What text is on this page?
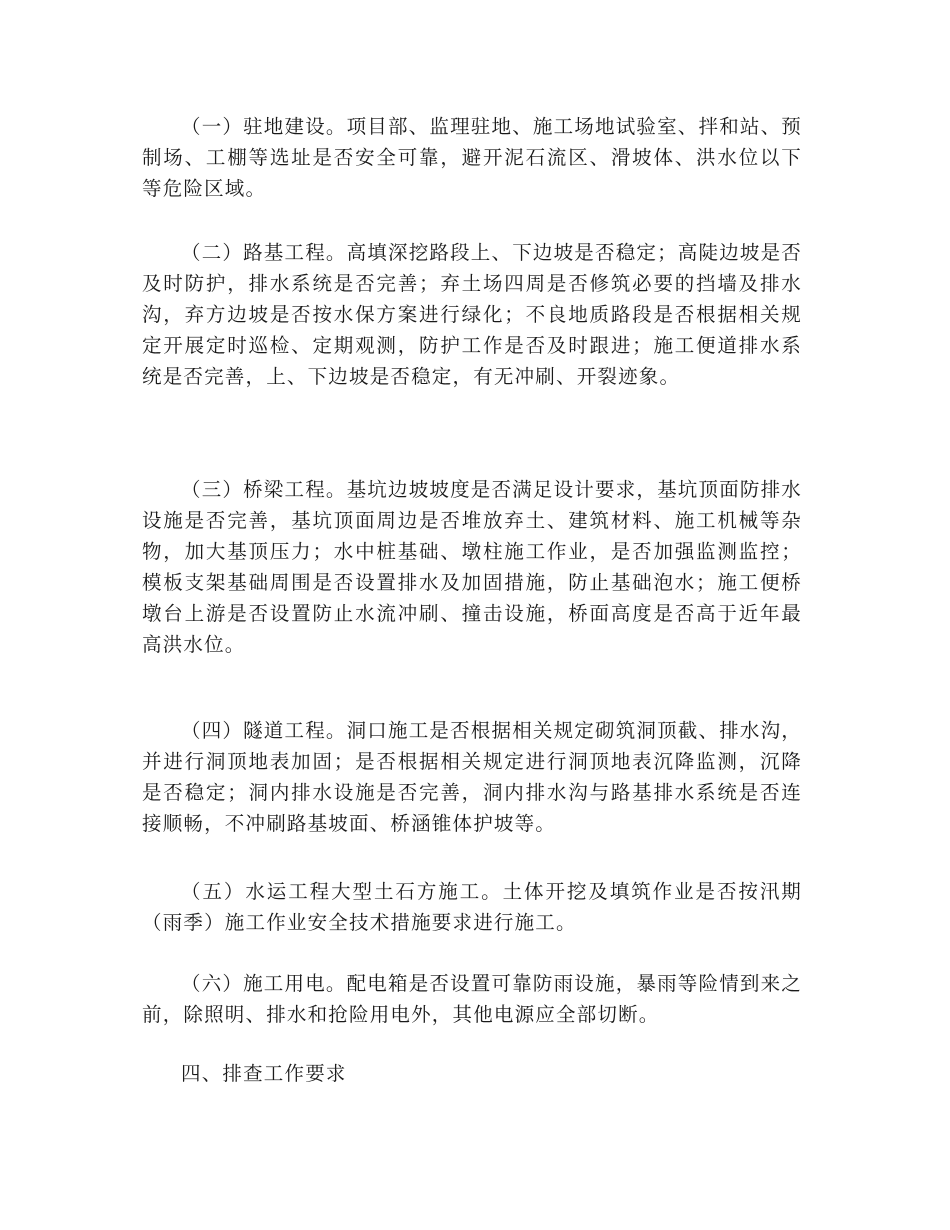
（一）驻地建设。项目部、监理驻地、施工场地试验室、拌和站、预制场、工棚等选址是否安全可靠，避开泥石流区、滑坡体、洪水位以下等危险区域。

（二）路基工程。高填深挖路段上、下边坡是否稳定；高陡边坡是否及时防护，排水系统是否完善；弃土场四周是否修筑必要的挡墙及排水沟，弃方边坡是否按水保方案进行绿化；不良地质路段是否根据相关规定开展定时巡检、定期观测，防护工作是否及时跟进；施工便道排水系统是否完善，上、下边坡是否稳定，有无冲刷、开裂迹象。

（三）桥梁工程。基坑边坡坡度是否满足设计要求，基坑顶面防排水设施是否完善，基坑顶面周边是否堆放弃土、建筑材料、施工机械等杂物，加大基顶压力；水中桩基础、墩柱施工作业，是否加强监测监控；模板支架基础周围是否设置排水及加固措施，防止基础泡水；施工便桥墩台上游是否设置防止水流冲刷、撞击设施，桥面高度是否高于近年最高洪水位。

（四）隧道工程。洞口施工是否根据相关规定砌筑洞顶截、排水沟，并进行洞顶地表加固；是否根据相关规定进行洞顶地表沉降监测，沉降是否稳定；洞内排水设施是否完善，洞内排水沟与路基排水系统是否连接顺畅，不冲刷路基坡面、桥涵锥体护坡等。

（五）水运工程大型土石方施工。土体开挖及填筑作业是否按汛期（雨季）施工作业安全技术措施要求进行施工。

（六）施工用电。配电箱是否设置可靠防雨设施，暴雨等险情到来之前，除照明、排水和抢险用电外，其他电源应全部切断。

四、排查工作要求
